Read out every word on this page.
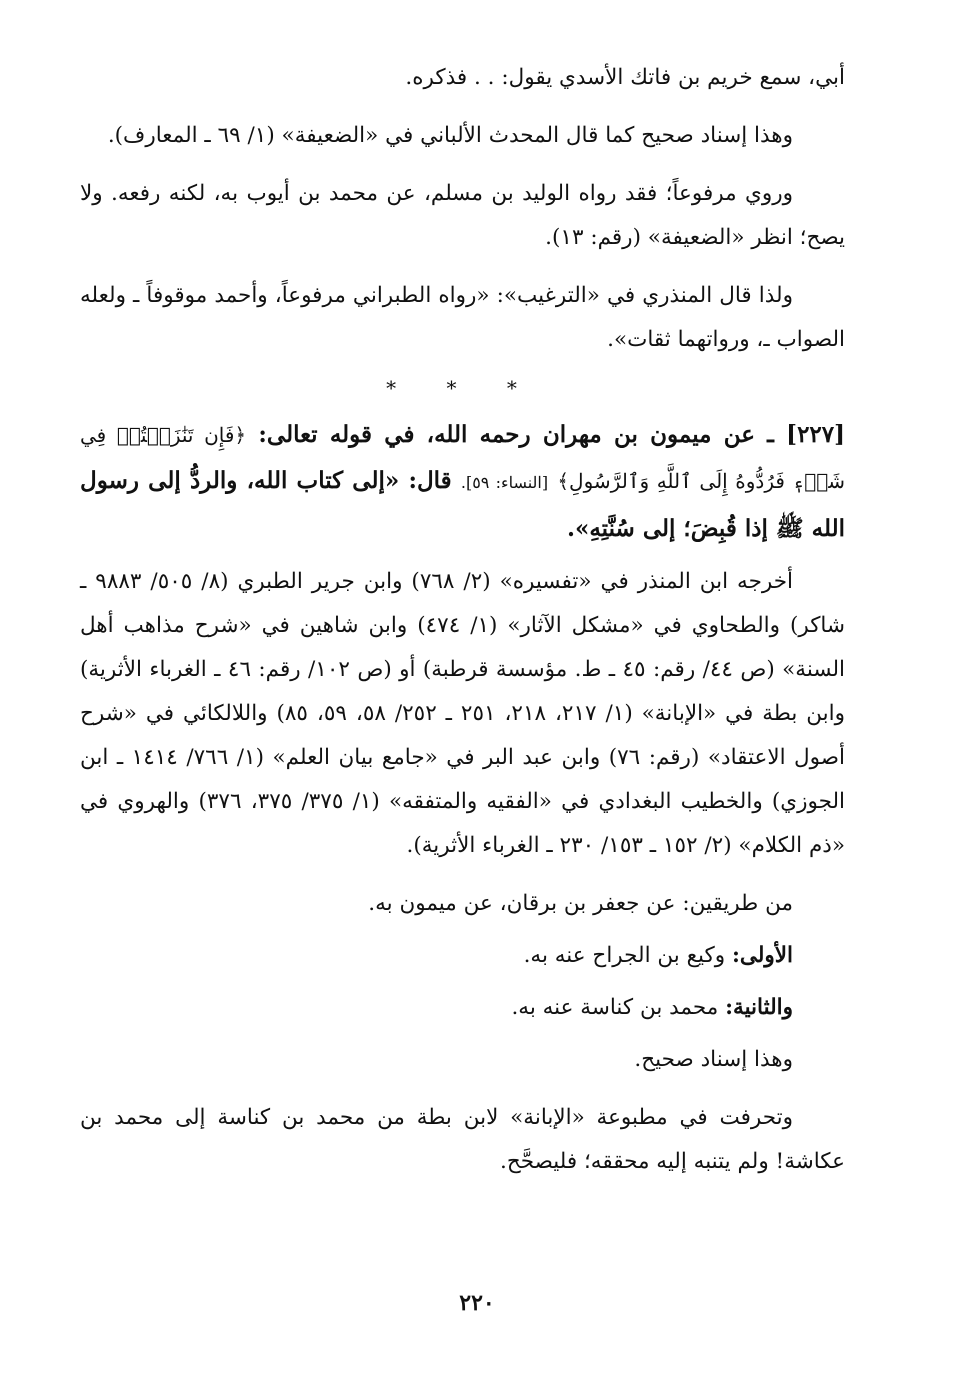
أبي، سمع خريم بن فاتك الأسدي يقول: . . فذكره.

وهذا إسناد صحيح كما قال المحدث الألباني في «الضعيفة» (١/ ٦٩ ـ المعارف).

وروي مرفوعاً؛ فقد رواه الوليد بن مسلم، عن محمد بن أيوب به، لكنه رفعه. ولا يصح؛ انظر «الضعيفة» (رقم: ١٣).

ولذا قال المنذري في «الترغيب»: «رواه الطبراني مرفوعاً، وأحمد موقوفاً ـ ولعله الصواب ـ، ورواتهما ثقات».

* * *

[٢٢٧] ـ عن ميمون بن مهران رحمه الله، في قوله تعالى: ﴿فَإِن تَنَٰزَعۡتُمۡ فِي شَيۡءٖ فَرُدُّوهُ إِلَى ٱللَّهِ وَٱلرَّسُولِ﴾ [النساء: ٥٩]. قال: «إلى كتاب الله، والردُّ إلى رسول الله ﷺ إذا قُبِضَ؛ إلى سُنَّتِهِ».

أخرجه ابن المنذر في «تفسيره» (٢/ ٧٦٨) وابن جرير الطبري (٨/ ٥٠٥/ ٩٨٨٣ ـ شاكر) والطحاوي في «مشكل الآثار» (١/ ٤٧٤) وابن شاهين في «شرح مذاهب أهل السنة» (ص ٤٤/ رقم: ٤٥ ـ ط. مؤسسة قرطبة) أو (ص ١٠٢/ رقم: ٤٦ ـ الغرباء الأثرية) وابن بطة في «الإبانة» (١/ ٢١٧، ٢١٨، ٢٥١ ـ ٢٥٢/ ٥٨، ٥٩، ٨٥) واللالكائي في «شرح أصول الاعتقاد» (رقم: ٧٦) وابن عبد البر في «جامع بيان العلم» (١/ ٧٦٦/ ١٤١٤ ـ ابن الجوزي) والخطيب البغدادي في «الفقيه والمتفقه» (١/ ٣٧٥/ ٣٧٥، ٣٧٦) والهروي في «ذم الكلام» (٢/ ١٥٢ ـ ١٥٣/ ٢٣٠ ـ الغرباء الأثرية).

من طريقين: عن جعفر بن برقان، عن ميمون به.

الأولى: وكيع بن الجراح عنه به.

والثانية: محمد بن كناسة عنه به.

وهذا إسناد صحيح.

وتحرفت في مطبوعة «الإبانة» لابن بطة من محمد بن كناسة إلى محمد بن عكاشة! ولم يتنبه إليه محققه؛ فليصحَّح.

٢٢٠
